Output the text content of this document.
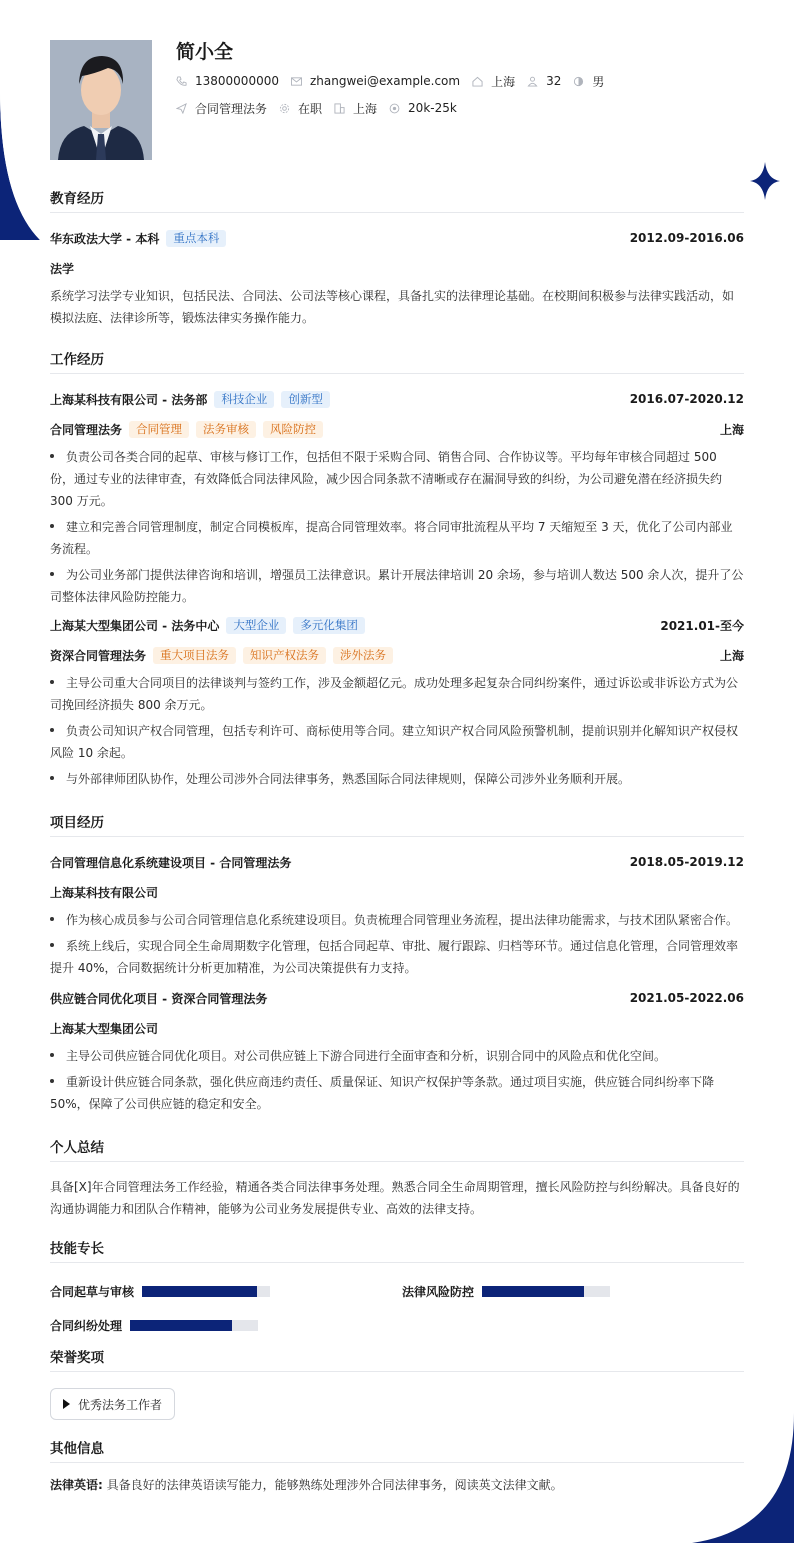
简小全
13800000000	zhangwei@example.com	上海	32	男
合同管理法务	在职	上海	20k-25k
教育经历
华东政法大学 - 本科	重点本科	2012.09-2016.06
法学
系统学习法学专业知识，包括民法、合同法、公司法等核心课程，具备扎实的法律理论基础。在校期间积极参与法律实践活动，如模拟法庭、法律诊所等，锻炼法律实务操作能力。
工作经历
上海某科技有限公司 - 法务部	科技企业	创新型	2016.07-2020.12
合同管理法务	合同管理	法务审核	风险防控	上海
负责公司各类合同的起草、审核与修订工作，包括但不限于采购合同、销售合同、合作协议等。平均每年审核合同超过 500 份，通过专业的法律审查，有效降低合同法律风险，减少因合同条款不清晰或存在漏洞导致的纠纷，为公司避免潜在经济损失约 300 万元。
建立和完善合同管理制度，制定合同模板库，提高合同管理效率。将合同审批流程从平均 7 天缩短至 3 天，优化了公司内部业务流程。
为公司业务部门提供法律咨询和培训，增强员工法律意识。累计开展法律培训 20 余场，参与培训人数达 500 余人次，提升了公司整体法律风险防控能力。
上海某大型集团公司 - 法务中心	大型企业	多元化集团	2021.01-至今
资深合同管理法务	重大项目法务	知识产权法务	涉外法务	上海
主导公司重大合同项目的法律谈判与签约工作，涉及金额超亿元。成功处理多起复杂合同纠纷案件，通过诉讼或非诉讼方式为公司挽回经济损失 800 余万元。
负责公司知识产权合同管理，包括专利许可、商标使用等合同。建立知识产权合同风险预警机制，提前识别并化解知识产权侵权风险 10 余起。
与外部律师团队协作，处理公司涉外合同法律事务，熟悉国际合同法律规则，保障公司涉外业务顺利开展。
项目经历
合同管理信息化系统建设项目 - 合同管理法务	2018.05-2019.12
上海某科技有限公司
作为核心成员参与公司合同管理信息化系统建设项目。负责梳理合同管理业务流程，提出法律功能需求，与技术团队紧密合作。
系统上线后，实现合同全生命周期数字化管理，包括合同起草、审批、履行跟踪、归档等环节。通过信息化管理，合同管理效率提升 40%，合同数据统计分析更加精准，为公司决策提供有力支持。
供应链合同优化项目 - 资深合同管理法务	2021.05-2022.06
上海某大型集团公司
主导公司供应链合同优化项目。对公司供应链上下游合同进行全面审查和分析，识别合同中的风险点和优化空间。
重新设计供应链合同条款，强化供应商违约责任、质量保证、知识产权保护等条款。通过项目实施，供应链合同纠纷率下降 50%，保障了公司供应链的稳定和安全。
个人总结
具备[X]年合同管理法务工作经验，精通各类合同法律事务处理。熟悉合同全生命周期管理，擅长风险防控与纠纷解决。具备良好的沟通协调能力和团队合作精神，能够为公司业务发展提供专业、高效的法律支持。
技能专长
合同起草与审核	法律风险防控
合同纠纷处理
荣誉奖项
优秀法务工作者
其他信息
法律英语: 具备良好的法律英语读写能力，能够熟练处理涉外合同法律事务，阅读英文法律文献。
